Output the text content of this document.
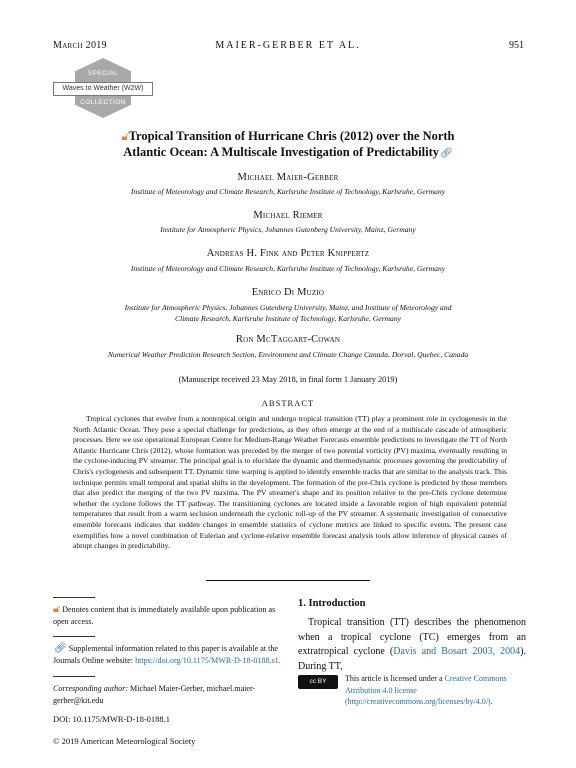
March 2019	MAIER-GERBER ET AL.	951
SPECIAL
Waves to Weather (W2W)
COLLECTION
🔓︎Tropical Transition of Hurricane Chris (2012) over the North
Atlantic Ocean: A Multiscale Investigation of Predictability🔗︎
Michael Maier-Gerber
Institute of Meteorology and Climate Research, Karlsruhe Institute of Technology, Karlsruhe, Germany
Michael Riemer
Institute for Atmospheric Physics, Johannes Gutenberg University, Mainz, Germany
Andreas H. Fink and Peter Knippertz
Institute of Meteorology and Climate Research, Karlsruhe Institute of Technology, Karlsruhe, Germany
Enrico Di Muzio
Institute for Atmospheric Physics, Johannes Gutenberg University, Mainz, and Institute of Meteorology and
Climate Research, Karlsruhe Institute of Technology, Karlsruhe, Germany
Ron McTaggart-Cowan
Numerical Weather Prediction Research Section, Environment and Climate Change Canada, Dorval, Quebec, Canada
(Manuscript received 23 May 2018, in final form 1 January 2019)
ABSTRACT
Tropical cyclones that evolve from a nontropical origin and undergo tropical transition (TT) play a prominent role in cyclogenesis in the North Atlantic Ocean. They pose a special challenge for predictions, as they often emerge at the end of a multiscale cascade of atmospheric processes. Here we use operational European Centre for Medium-Range Weather Forecasts ensemble predictions to investigate the TT of North Atlantic Hurricane Chris (2012), whose formation was preceded by the merger of two potential vorticity (PV) maxima, eventually resulting in the cyclone-inducing PV streamer. The principal goal is to elucidate the dynamic and thermodynamic processes governing the predictability of Chris's cyclogenesis and subsequent TT. Dynamic time warping is applied to identify ensemble tracks that are similar to the analysis track. This technique permits small temporal and spatial shifts in the development. The formation of the pre-Chris cyclone is predicted by those members that also predict the merging of the two PV maxima. The PV streamer's shape and its position relative to the pre-Chris cyclone determine whether the cyclone follows the TT pathway. The transitioning cyclones are located inside a favorable region of high equivalent potential temperatures that result from a warm seclusion underneath the cyclonic roll-up of the PV streamer. A systematic investigation of consecutive ensemble forecasts indicates that sudden changes in ensemble statistics of cyclone metrics are linked to specific events. The present case exemplifies how a novel combination of Eulerian and cyclone-relative ensemble forecast analysis tools allow inference of physical causes of abrupt changes in predictability.
🔓︎ Denotes content that is immediately available upon publication as open access.
🔗︎ Supplemental information related to this paper is available at the Journals Online website: https://doi.org/10.1175/MWR-D-18-0188.s1.
Corresponding author: Michael Maier-Gerber, michael.maier-gerber@kit.edu
DOI: 10.1175/MWR-D-18-0188.1
© 2019 American Meteorological Society
1. Introduction
Tropical transition (TT) describes the phenomenon when a tropical cyclone (TC) emerges from an extratropical cyclone (Davis and Bosart 2003, 2004). During TT,
cc BY	This article is licensed under a Creative Commons Attribution 4.0 license (http://creativecommons.org/licenses/by/4.0/).
